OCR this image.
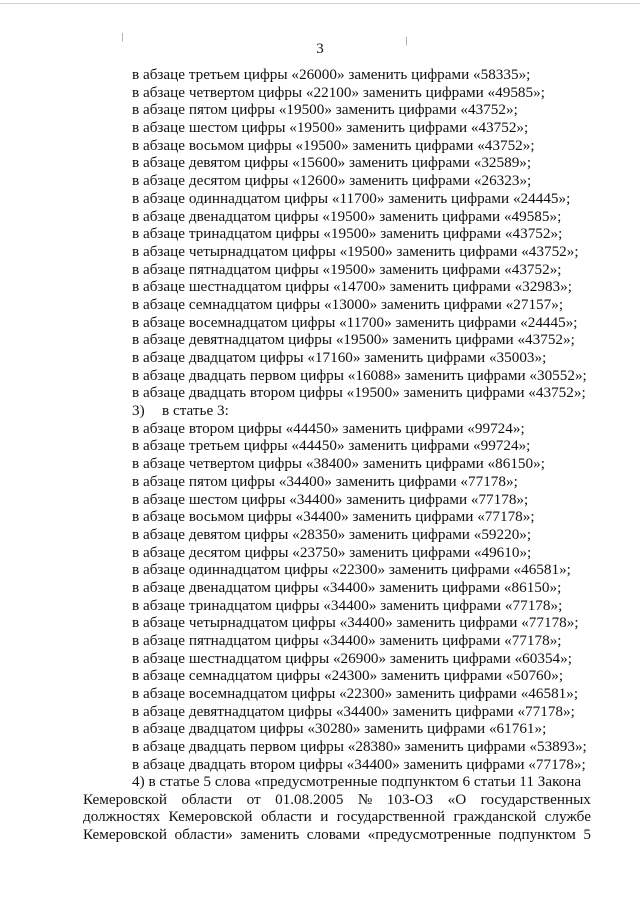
/	/
3
в абзаце третьем цифры «26000» заменить цифрами «58335»;
в абзаце четвертом цифры «22100» заменить цифрами «49585»;
в абзаце пятом цифры «19500» заменить цифрами «43752»;
в абзаце шестом цифры «19500» заменить цифрами «43752»;
в абзаце восьмом цифры «19500» заменить цифрами «43752»;
в абзаце девятом цифры «15600» заменить цифрами «32589»;
в абзаце десятом цифры «12600» заменить цифрами «26323»;
в абзаце одиннадцатом цифры «11700» заменить цифрами «24445»;
в абзаце двенадцатом цифры «19500» заменить цифрами «49585»;
в абзаце тринадцатом цифры «19500» заменить цифрами «43752»;
в абзаце четырнадцатом цифры «19500» заменить цифрами «43752»;
в абзаце пятнадцатом цифры «19500» заменить цифрами «43752»;
в абзаце шестнадцатом цифры «14700» заменить цифрами «32983»;
в абзаце семнадцатом цифры «13000» заменить цифрами «27157»;
в абзаце восемнадцатом цифры «11700» заменить цифрами «24445»;
в абзаце девятнадцатом цифры «19500» заменить цифрами «43752»;
в абзаце двадцатом цифры «17160» заменить цифрами «35003»;
в абзаце двадцать первом цифры «16088» заменить цифрами «30552»;
в абзаце двадцать втором цифры «19500» заменить цифрами «43752»;
3) в статье 3:
в абзаце втором цифры «44450» заменить цифрами «99724»;
в абзаце третьем цифры «44450» заменить цифрами «99724»;
в абзаце четвертом цифры «38400» заменить цифрами «86150»;
в абзаце пятом цифры «34400» заменить цифрами «77178»;
в абзаце шестом цифры «34400» заменить цифрами «77178»;
в абзаце восьмом цифры «34400» заменить цифрами «77178»;
в абзаце девятом цифры «28350» заменить цифрами «59220»;
в абзаце десятом цифры «23750» заменить цифрами «49610»;
в абзаце одиннадцатом цифры «22300» заменить цифрами «46581»;
в абзаце двенадцатом цифры «34400» заменить цифрами «86150»;
в абзаце тринадцатом цифры «34400» заменить цифрами «77178»;
в абзаце четырнадцатом цифры «34400» заменить цифрами «77178»;
в абзаце пятнадцатом цифры «34400» заменить цифрами «77178»;
в абзаце шестнадцатом цифры «26900» заменить цифрами «60354»;
в абзаце семнадцатом цифры «24300» заменить цифрами «50760»;
в абзаце восемнадцатом цифры «22300» заменить цифрами «46581»;
в абзаце девятнадцатом цифры «34400» заменить цифрами «77178»;
в абзаце двадцатом цифры «30280» заменить цифрами «61761»;
в абзаце двадцать первом цифры «28380» заменить цифрами «53893»;
в абзаце двадцать втором цифры «34400» заменить цифрами «77178»;
4) в статье 5 слова «предусмотренные подпунктом 6 статьи 11 Закона
Кемеровской области от 01.08.2005 № 103-ОЗ «О государственных
должностях Кемеровской области и государственной гражданской службе
Кемеровской области» заменить словами «предусмотренные подпунктом 5
